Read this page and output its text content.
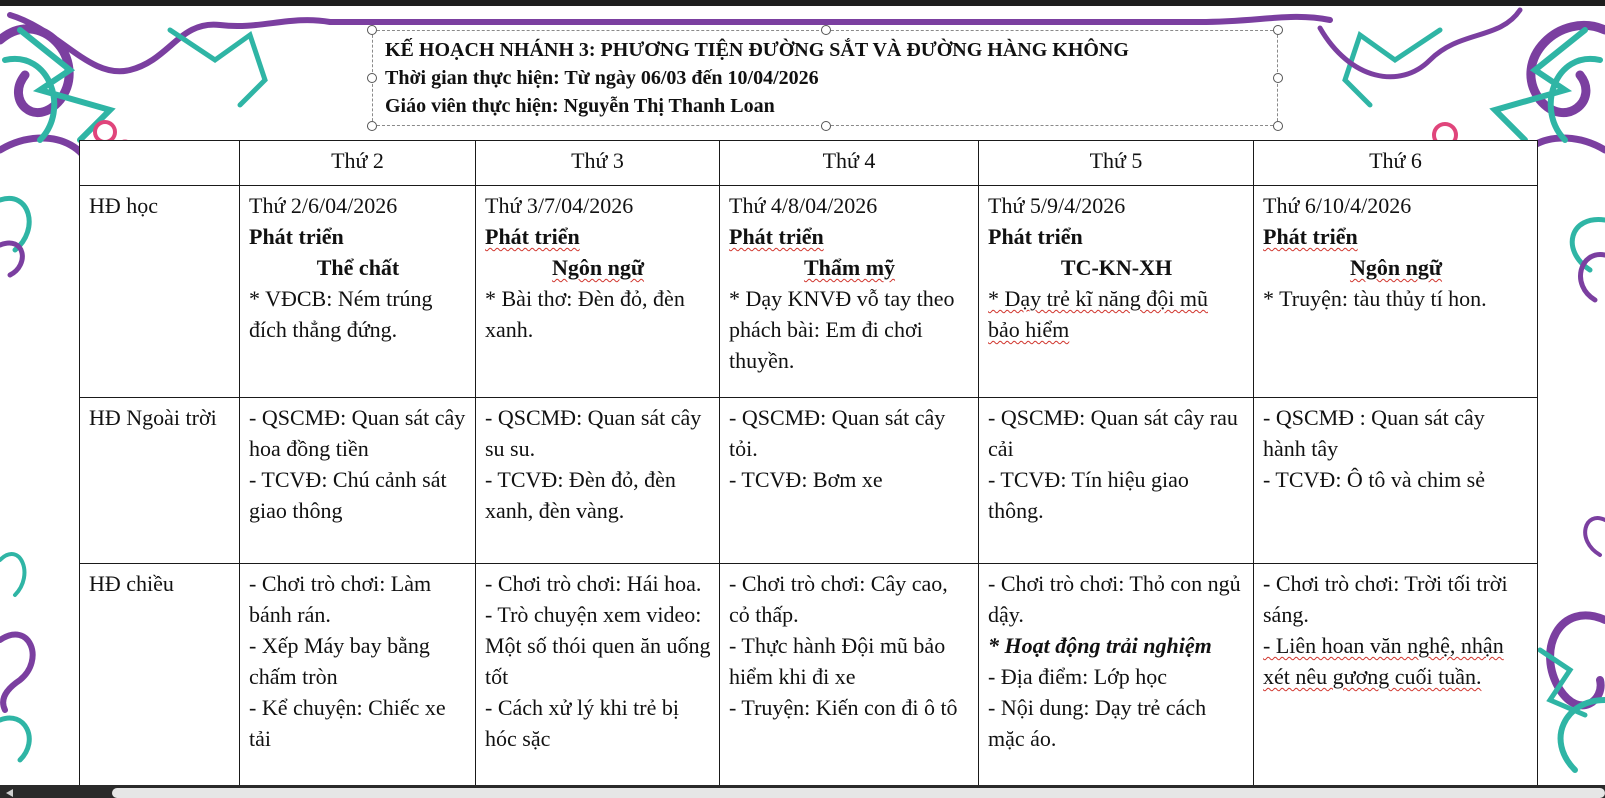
KẾ HOẠCH NHÁNH 3: PHƯƠNG TIỆN ĐƯỜNG SẮT VÀ ĐƯỜNG HÀNG KHÔNG

Thời gian thực hiện: Từ ngày 06/03 đến 10/04/2026

Giáo viên thực hiện: Nguyễn Thị Thanh Loan

	Thứ 2	Thứ 3	Thứ 4	Thứ 5	Thứ 6
HĐ học	Thứ 2/6/04/2026
Phát triển
Thể chất
* VĐCB: Ném trúng đích thẳng đứng.	Thứ 3/7/04/2026
Phát triển
Ngôn ngữ
* Bài thơ: Đèn đỏ, đèn xanh.	Thứ 4/8/04/2026
Phát triển
Thẩm mỹ
* Dạy KNVĐ vỗ tay theo phách bài: Em đi chơi thuyền.	Thứ 5/9/4/2026
Phát triển
TC-KN-XH
* Dạy trẻ kĩ năng đội mũ bảo hiểm	Thứ 6/10/4/2026
Phát triển
Ngôn ngữ
* Truyện: tàu thủy tí hon.

HĐ Ngoài trời	- QSCMĐ: Quan sát cây hoa đồng tiền
- TCVĐ: Chú cảnh sát giao thông	- QSCMĐ: Quan sát cây su su.
- TCVĐ: Đèn đỏ, đèn xanh, đèn vàng.	- QSCMĐ: Quan sát cây tỏi.
- TCVĐ: Bơm xe	- QSCMĐ: Quan sát cây rau cải
- TCVĐ: Tín hiệu giao thông.	- QSCMĐ : Quan sát cây hành tây
- TCVĐ: Ô tô và chim sẻ

HĐ chiều	- Chơi trò chơi: Làm bánh rán.
- Xếp Máy bay bằng chấm tròn
- Kể chuyện: Chiếc xe tải	- Chơi trò chơi: Hái hoa.
- Trò chuyện xem video: Một số thói quen ăn uống tốt
- Cách xử lý khi trẻ bị hóc sặc	- Chơi trò chơi: Cây cao, cỏ thấp.
- Thực hành Đội mũ bảo hiểm khi đi xe
- Truyện: Kiến con đi ô tô	- Chơi trò chơi: Thỏ con ngủ dậy.
* Hoạt động trải nghiệm
- Địa điểm: Lớp học
- Nội dung: Dạy trẻ cách mặc áo.	- Chơi trò chơi: Trời tối trời sáng.
- Liên hoan văn nghệ, nhận xét nêu gương cuối tuần.
